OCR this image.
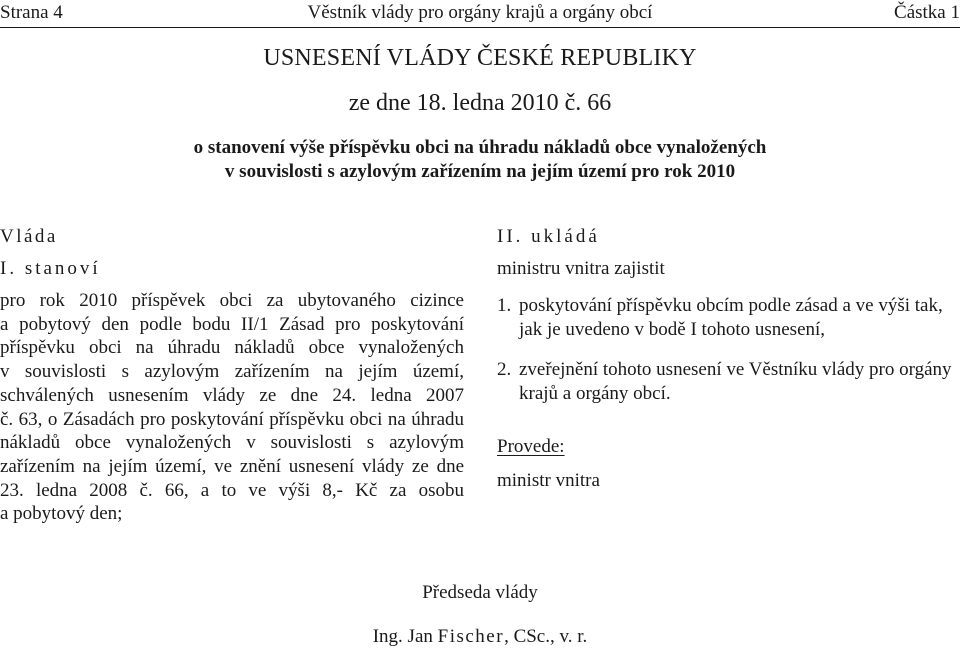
Strana 4	Věstník vlády pro orgány krajů a orgány obcí	Částka 1
USNESENÍ VLÁDY ČESKÉ REPUBLIKY
ze dne 18. ledna 2010 č. 66
o stanovení výše příspěvku obci na úhradu nákladů obce vynaložených
v souvislosti s azylovým zařízením na jejím území pro rok 2010
Vláda
I. stanoví
pro rok 2010 příspěvek obci za ubytovaného cizince
a pobytový den podle bodu II/1 Zásad pro poskytování
příspěvku obci na úhradu nákladů obce vynaložených
v souvislosti s azylovým zařízením na jejím území,
schválených usnesením vlády ze dne 24. ledna 2007
č. 63, o Zásadách pro poskytování příspěvku obci na úhradu
nákladů obce vynaložených v souvislosti s azylovým
zařízením na jejím území, ve znění usnesení vlády ze dne
23. ledna 2008 č. 66, a to ve výši 8,- Kč za osobu
a pobytový den;
II. ukládá
ministru vnitra zajistit
1. poskytování příspěvku obcím podle zásad a ve výši tak, jak je uvedeno v bodě I tohoto usnesení,
2. zveřejnění tohoto usnesení ve Věstníku vlády pro orgány krajů a orgány obcí.
Provede:
ministr vnitra
Předseda vlády
Ing. Jan Fischer, CSc., v. r.
